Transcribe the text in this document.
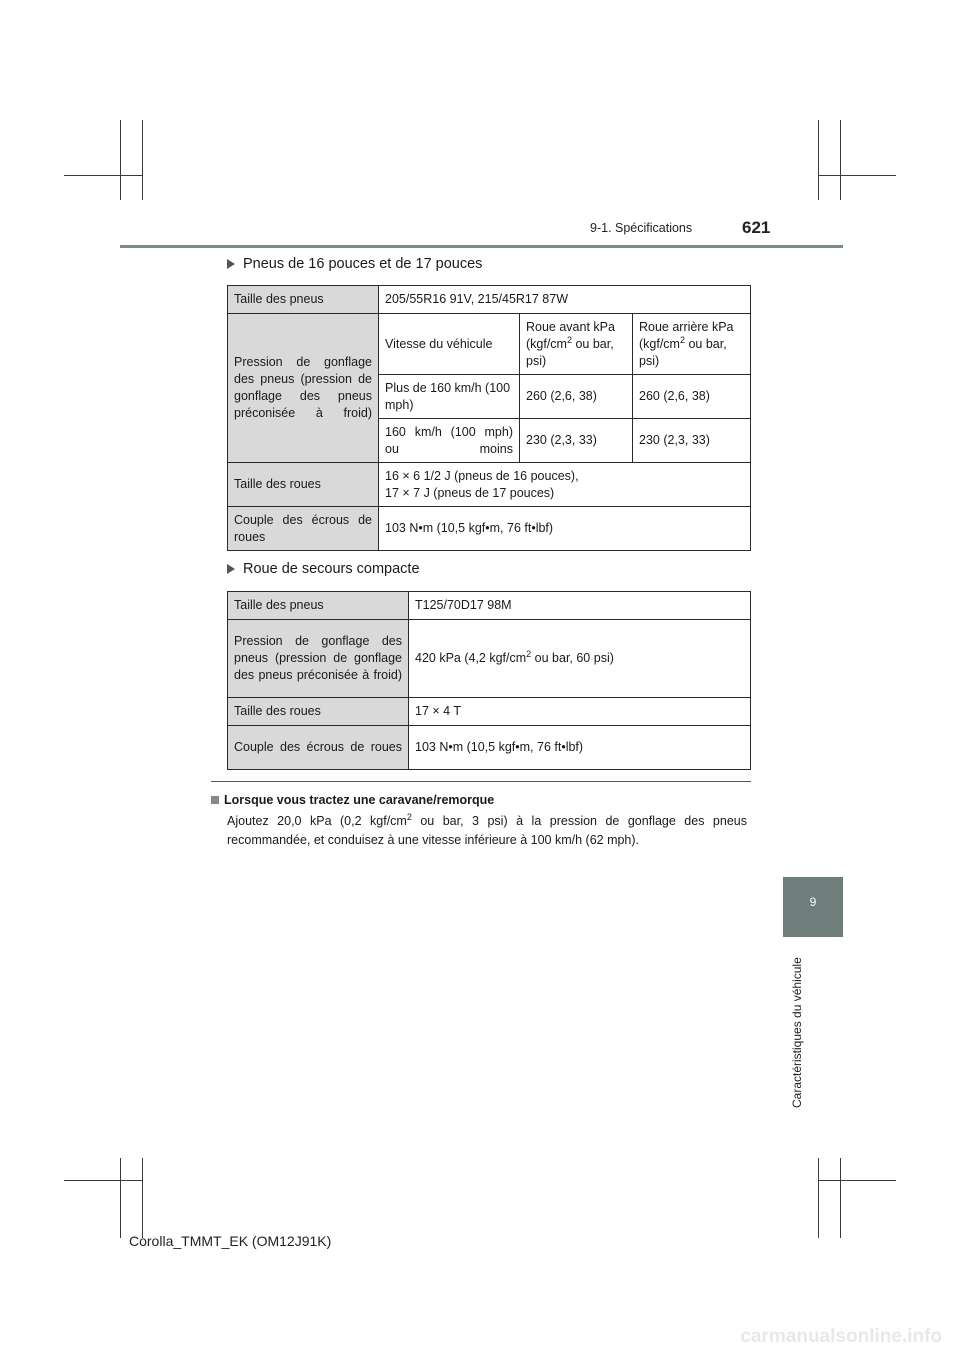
9-1. Spécifications	621
Pneus de 16 pouces et de 17 pouces
Taille des pneus	205/55R16 91V, 215/45R17 87W		
Pression de gonflage des pneus (pression de gonflage des pneus préconisée à froid)	Vitesse du véhicule	Roue avant kPa ($kgf/cm^2$ ou bar, psi)	Roue arrière kPa ($kgf/cm^2$ ou bar, psi)
	Plus de 160 km/h (100 mph)	260 (2,6, 38)	260 (2,6, 38)
	160 km/h (100 mph) ou moins	230 (2,3, 33)	230 (2,3, 33)
Taille des roues	16 × 6 1/2 J (pneus de 16 pouces),
17 × 7 J (pneus de 17 pouces)		

Couple des écrous de roues	103 N•m (10,5 kgf•m, 76 ft•lbf)		
Roue de secours compacte
Taille des pneus	T125/70D17 98M
Pression de gonflage des pneus (pression de gonflage des pneus préconisée à froid)	420 kPa (4,2 kgf/$cm^2$ ou bar, 60 psi)
Taille des roues	17 × 4 T
Couple des écrous de roues	103 N•m (10,5 kgf•m, 76 ft•lbf)
Lorsque vous tractez une caravane/remorque
Ajoutez 20,0 kPa (0,2 kgf/$cm^2$ ou bar, 3 psi) à la pression de gonflage des pneus recommandée, et conduisez à une vitesse inférieure à 100 km/h (62 mph).
9
Caractéristiques du véhicule
Corolla_TMMT_EK (OM12J91K)
carmanualsonline.info
